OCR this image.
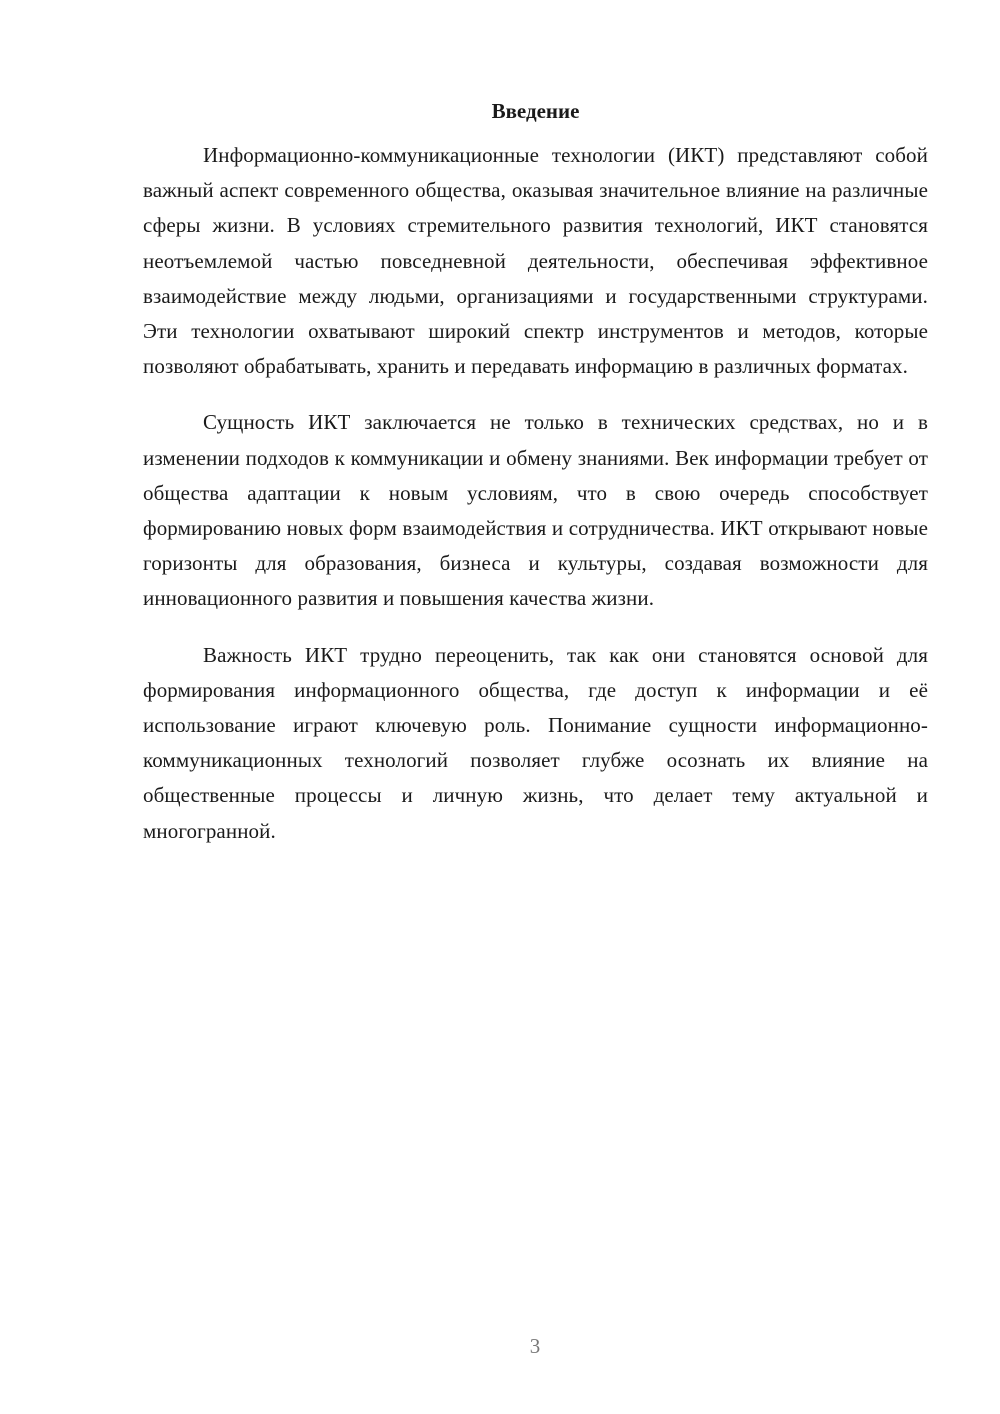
Введение

Информационно-коммуникационные технологии (ИКТ) представляют собой важный аспект современного общества, оказывая значительное влияние на различные сферы жизни. В условиях стремительного развития технологий, ИКТ становятся неотъемлемой частью повседневной деятельности, обеспечивая эффективное взаимодействие между людьми, организациями и государственными структурами. Эти технологии охватывают широкий спектр инструментов и методов, которые позволяют обрабатывать, хранить и передавать информацию в различных форматах.

Сущность ИКТ заключается не только в технических средствах, но и в изменении подходов к коммуникации и обмену знаниями. Век информации требует от общества адаптации к новым условиям, что в свою очередь способствует формированию новых форм взаимодействия и сотрудничества. ИКТ открывают новые горизонты для образования, бизнеса и культуры, создавая возможности для инновационного развития и повышения качества жизни.

Важность ИКТ трудно переоценить, так как они становятся основой для формирования информационного общества, где доступ к информации и её использование играют ключевую роль. Понимание сущности информационно-коммуникационных технологий позволяет глубже осознать их влияние на общественные процессы и личную жизнь, что делает тему актуальной и многогранной.

3
